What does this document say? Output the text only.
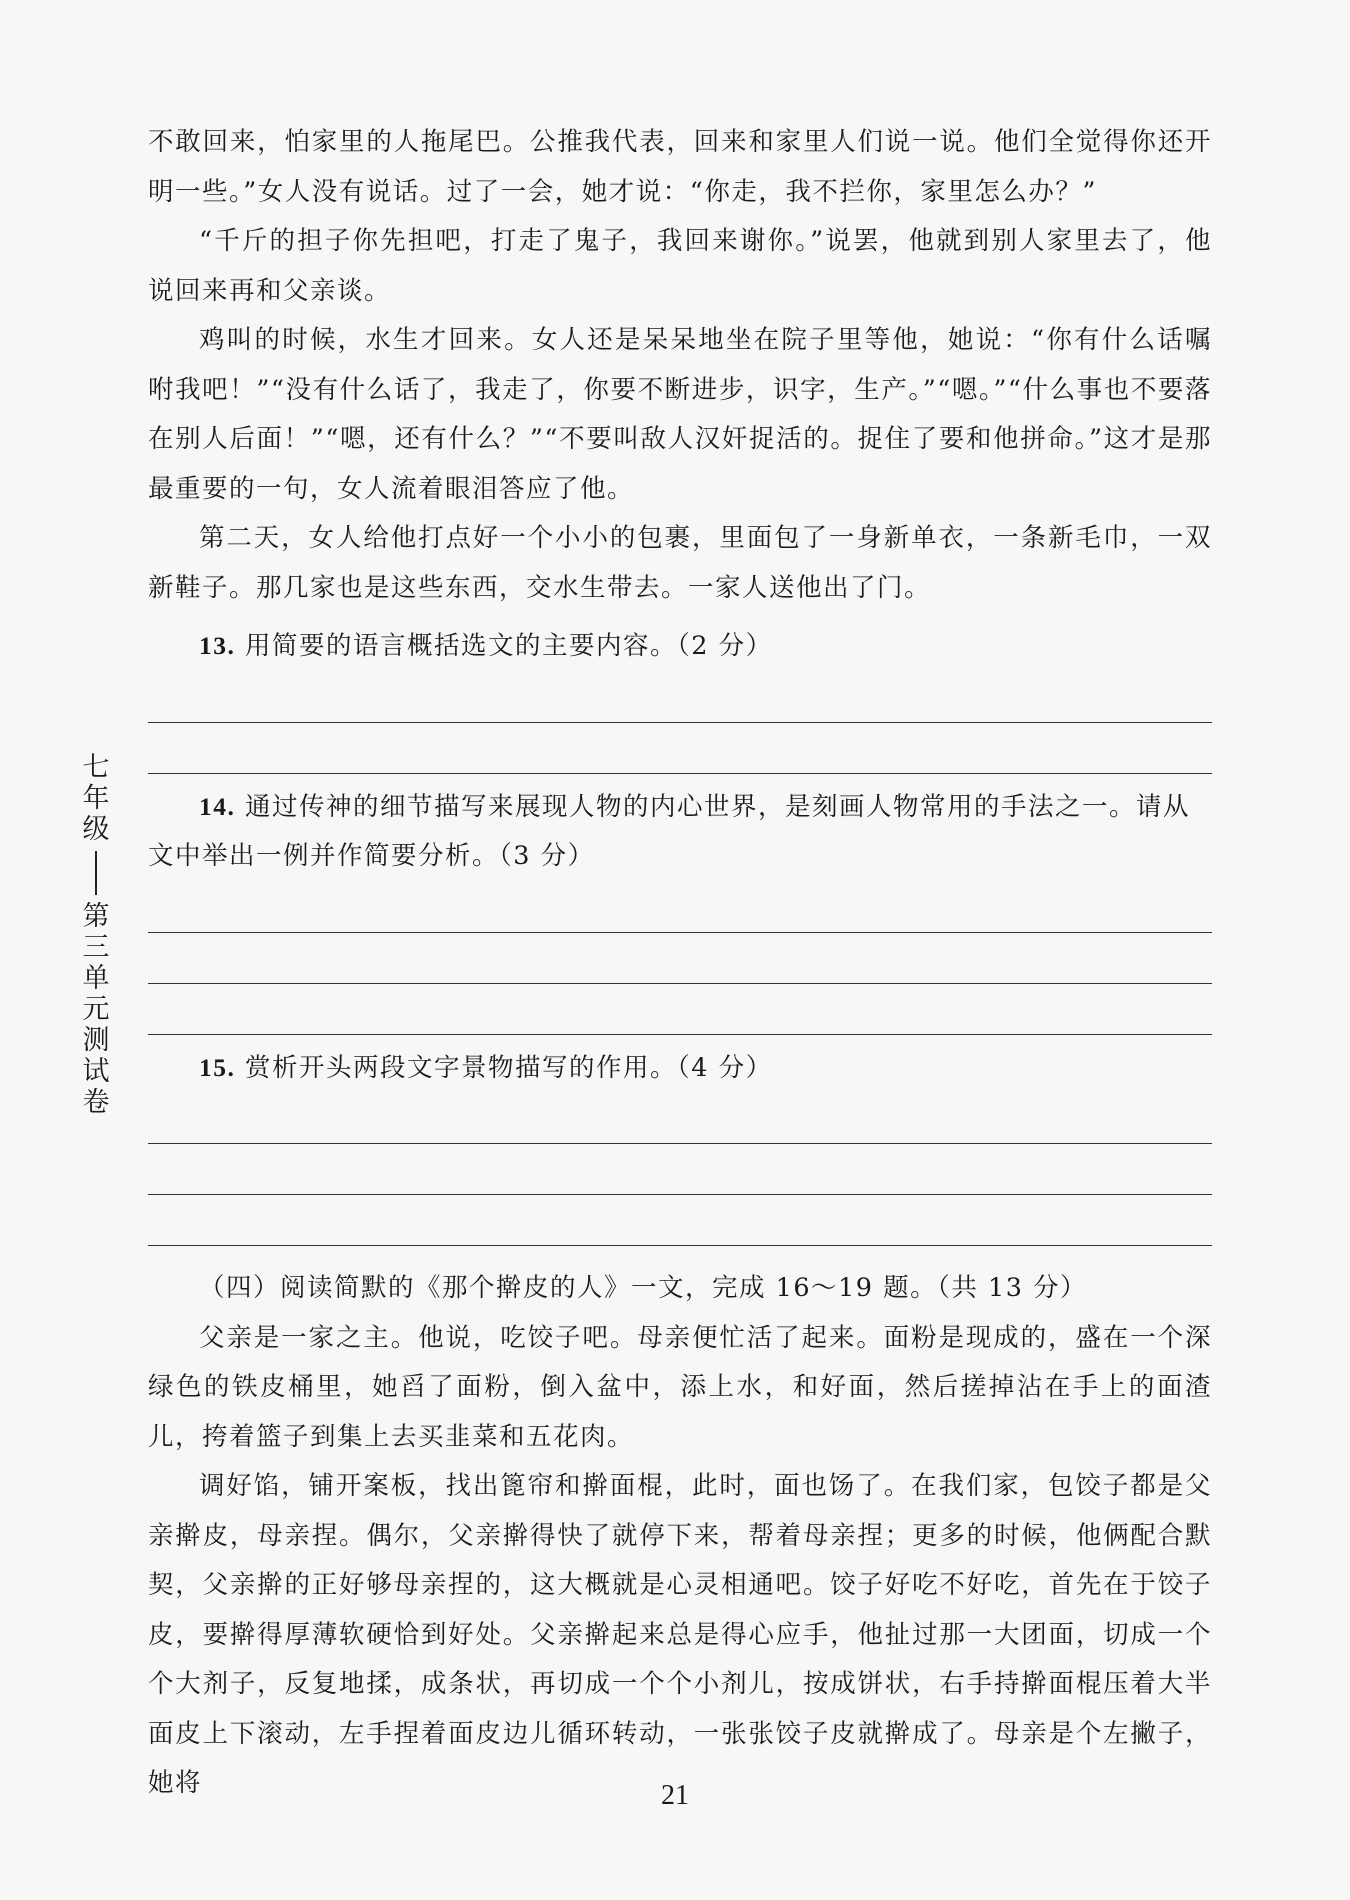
七
年
级
第
三
单
元
测
试
卷

不敢回来，怕家里的人拖尾巴。公推我代表，回来和家里人们说一说。他们全觉得你还开明一些。”女人没有说话。过了一会，她才说：“你走，我不拦你，家里怎么办？”

“千斤的担子你先担吧，打走了鬼子，我回来谢你。”说罢，他就到别人家里去了，他说回来再和父亲谈。

鸡叫的时候，水生才回来。女人还是呆呆地坐在院子里等他，她说：“你有什么话嘱咐我吧！”“没有什么话了，我走了，你要不断进步，识字，生产。”“嗯。”“什么事也不要落在别人后面！”“嗯，还有什么？”“不要叫敌人汉奸捉活的。捉住了要和他拼命。”这才是那最重要的一句，女人流着眼泪答应了他。

第二天，女人给他打点好一个小小的包裹，里面包了一身新单衣，一条新毛巾，一双新鞋子。那几家也是这些东西，交水生带去。一家人送他出了门。

13. 用简要的语言概括选文的主要内容。（2 分）

14. 通过传神的细节描写来展现人物的内心世界，是刻画人物常用的手法之一。请从文中举出一例并作简要分析。（3 分）

15. 赏析开头两段文字景物描写的作用。（4 分）

（四）阅读简默的《那个擀皮的人》一文，完成 16～19 题。（共 13 分）

父亲是一家之主。他说，吃饺子吧。母亲便忙活了起来。面粉是现成的，盛在一个深绿色的铁皮桶里，她舀了面粉，倒入盆中，添上水，和好面，然后搓掉沾在手上的面渣儿，挎着篮子到集上去买韭菜和五花肉。

调好馅，铺开案板，找出篦帘和擀面棍，此时，面也饧了。在我们家，包饺子都是父亲擀皮，母亲捏。偶尔，父亲擀得快了就停下来，帮着母亲捏；更多的时候，他俩配合默契，父亲擀的正好够母亲捏的，这大概就是心灵相通吧。饺子好吃不好吃，首先在于饺子皮，要擀得厚薄软硬恰到好处。父亲擀起来总是得心应手，他扯过那一大团面，切成一个个大剂子，反复地揉，成条状，再切成一个个小剂儿，按成饼状，右手持擀面棍压着大半面皮上下滚动，左手捏着面皮边儿循环转动，一张张饺子皮就擀成了。母亲是个左撇子，她将	21
